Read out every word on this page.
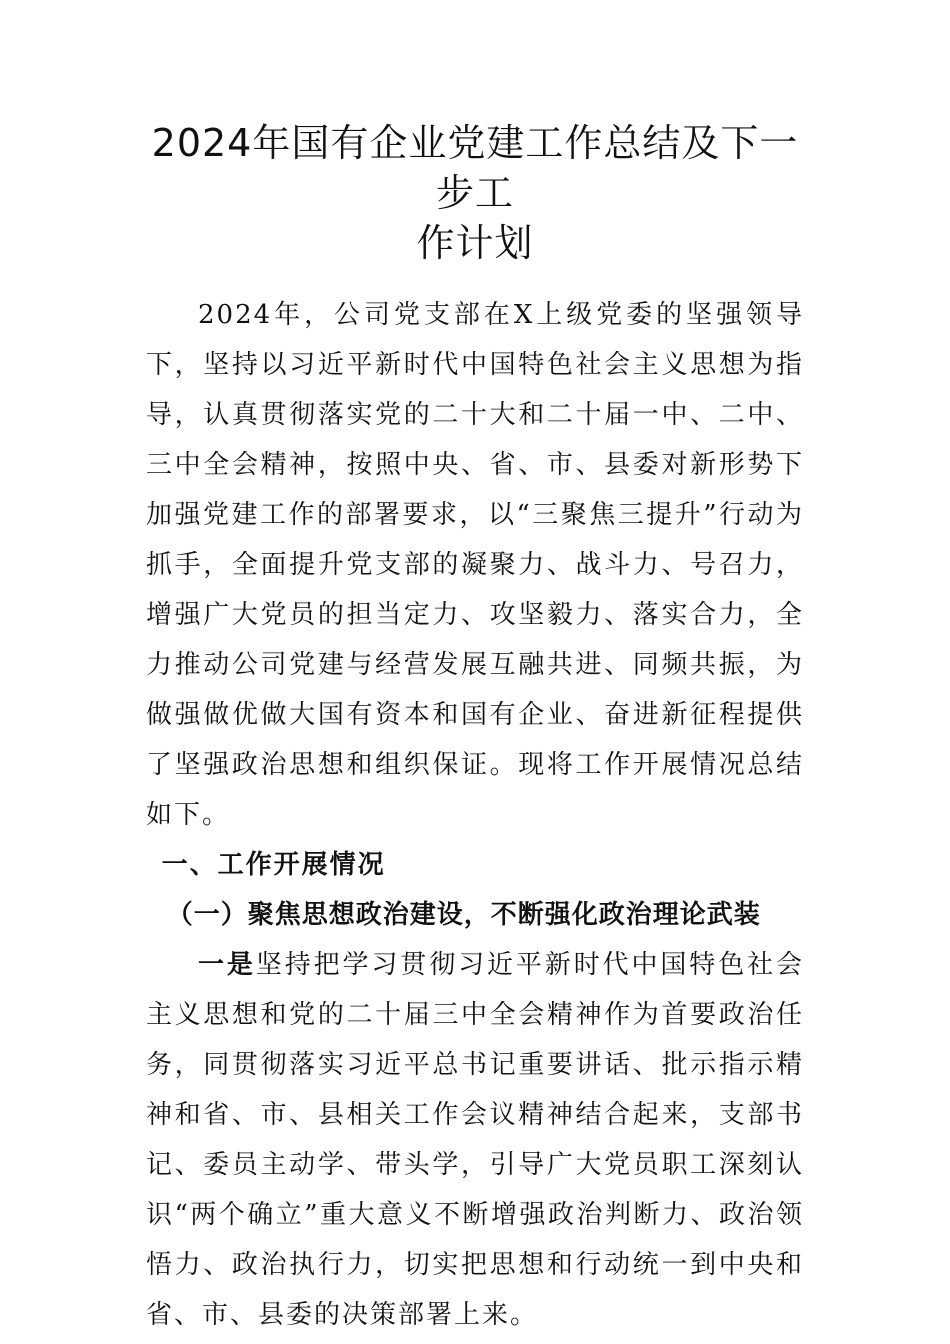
2024年国有企业党建工作总结及下一步工
作计划

2024年，公司党支部在X上级党委的坚强领导下，坚持以习近平新时代中国特色社会主义思想为指导，认真贯彻落实党的二十大和二十届一中、二中、三中全会精神，按照中央、省、市、县委对新形势下加强党建工作的部署要求，以“三聚焦三提升”行动为抓手，全面提升党支部的凝聚力、战斗力、号召力，增强广大党员的担当定力、攻坚毅力、落实合力，全力推动公司党建与经营发展互融共进、同频共振，为做强做优做大国有资本和国有企业、奋进新征程提供了坚强政治思想和组织保证。现将工作开展情况总结如下。

一、工作开展情况

（一）聚焦思想政治建设，不断强化政治理论武装

一是坚持把学习贯彻习近平新时代中国特色社会主义思想和党的二十届三中全会精神作为首要政治任务，同贯彻落实习近平总书记重要讲话、批示指示精神和省、市、县相关工作会议精神结合起来，支部书记、委员主动学、带头学，引导广大党员职工深刻认识“两个确立”重大意义不断增强政治判断力、政治领悟力、政治执行力，切实把思想和行动统一到中央和省、市、县委的决策部署上来。
